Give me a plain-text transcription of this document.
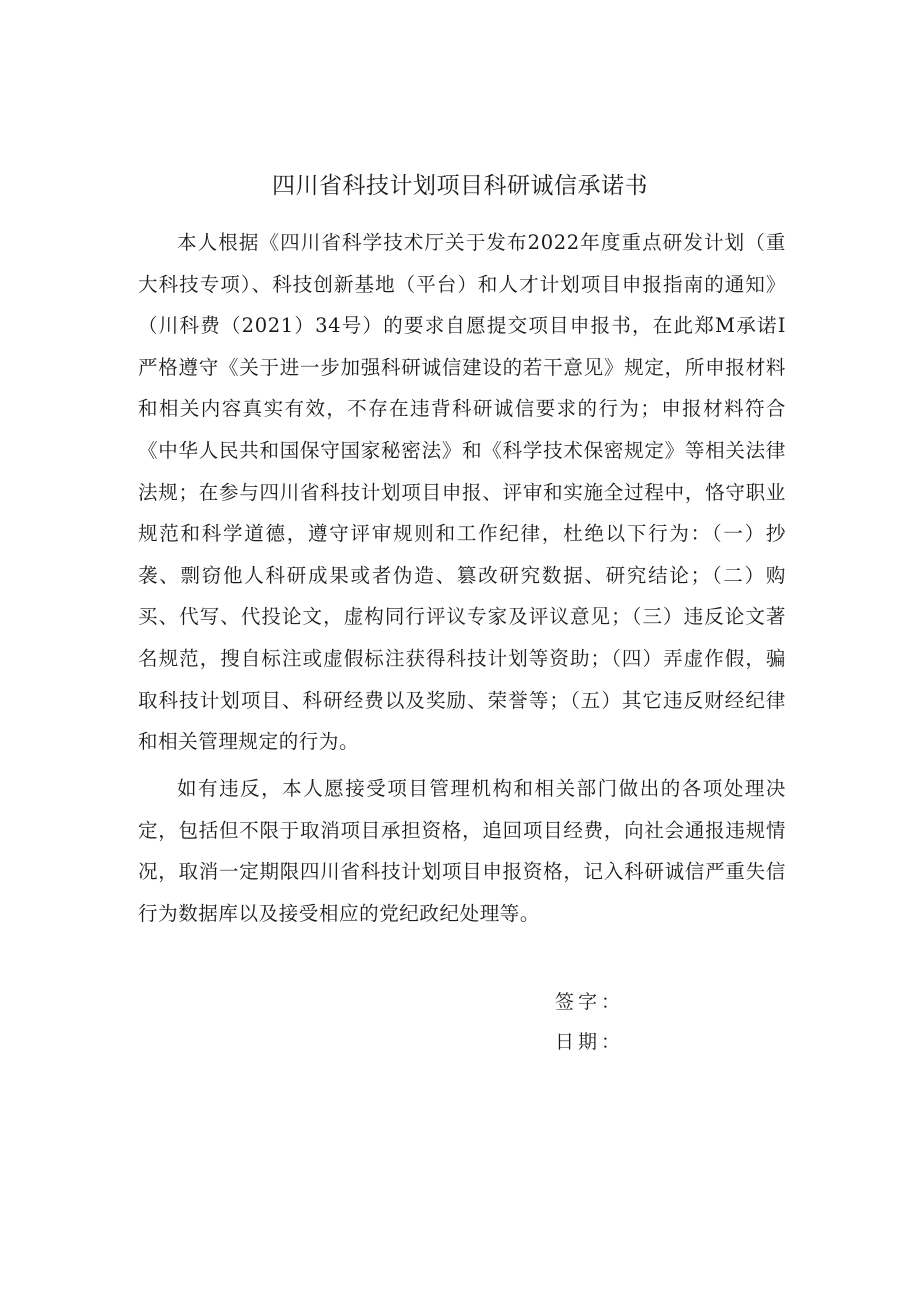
四川省科技计划项目科研诚信承诺书

本人根据《四川省科学技术厅关于发布2022年度重点研发计划（重大科技专项）、科技创新基地（平台）和人才计划项目申报指南的通知》（川科费（2021）34号）的要求自愿提交项目申报书，在此郑M承诺I严格遵守《关于进一步加强科研诚信建设的若干意见》规定，所申报材料和相关内容真实有效，不存在违背科研诚信要求的行为；申报材料符合《中华人民共和国保守国家秘密法》和《科学技术保密规定》等相关法律法规；在参与四川省科技计划项目申报、评审和实施全过程中，恪守职业规范和科学道德，遵守评审规则和工作纪律，杜绝以下行为：（一）抄袭、剽窃他人科研成果或者伪造、篡改研究数据、研究结论；（二）购买、代写、代投论文，虚构同行评议专家及评议意见；（三）违反论文著名规范，搜自标注或虚假标注获得科技计划等资助；（四）弄虚作假，骗取科技计划项目、科研经费以及奖励、荣誉等；（五）其它违反财经纪律和相关管理规定的行为。

如有违反，本人愿接受项目管理机构和相关部门做出的各项处理决定，包括但不限于取消项目承担资格，追回项目经费，向社会通报违规情况，取消一定期限四川省科技计划项目申报资格，记入科研诚信严重失信行为数据库以及接受相应的党纪政纪处理等。

签字：
日期：
